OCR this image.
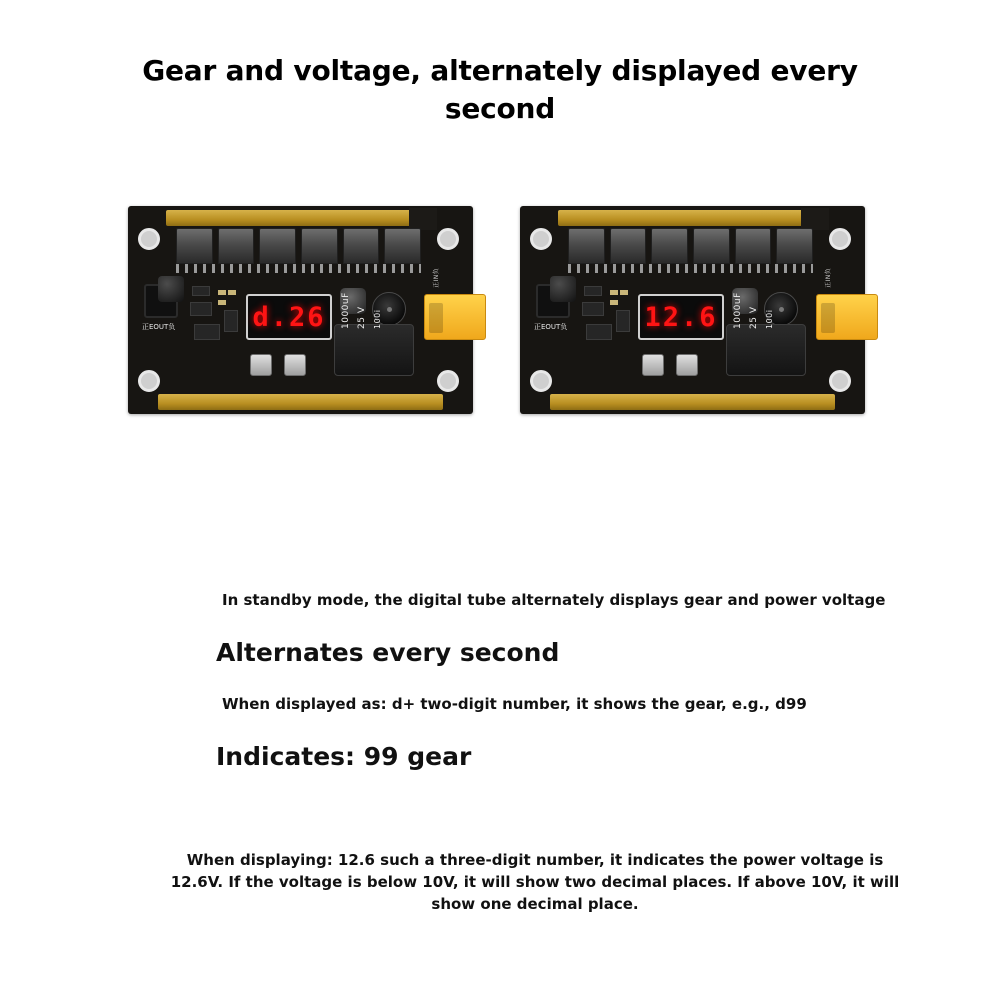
Gear and voltage, alternately displayed every second
正IN负
正EOUT负	d.26 1000uF 25 V 100i
正IN负
正EOUT负	12.6 1000uF 25 V 100i
In standby mode, the digital tube alternately displays gear and power voltage
Alternates every second
When displayed as: d+ two-digit number, it shows the gear, e.g., d99
Indicates: 99 gear
When displaying: 12.6 such a three-digit number, it indicates the power voltage is 12.6V. If the voltage is below 10V, it will show two decimal places. If above 10V, it will show one decimal place.
